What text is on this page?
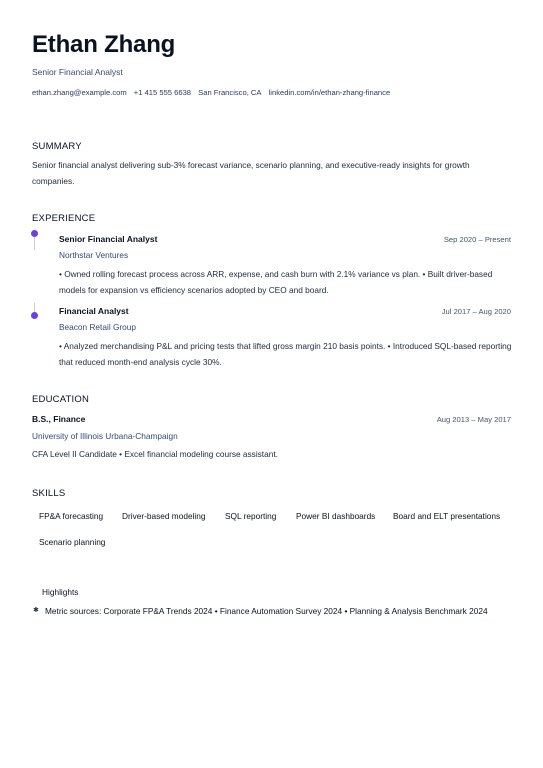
Ethan Zhang
Senior Financial Analyst
ethan.zhang@example.com +1 415 555 6638 San Francisco, CA linkedin.com/in/ethan-zhang-finance
SUMMARY
Senior financial analyst delivering sub-3% forecast variance, scenario planning, and executive-ready insights for growth companies.
EXPERIENCE
Senior Financial Analyst	Sep 2020 – Present
Northstar Ventures
• Owned rolling forecast process across ARR, expense, and cash burn with 2.1% variance vs plan. • Built driver-based models for expansion vs efficiency scenarios adopted by CEO and board.
Financial Analyst	Jul 2017 – Aug 2020
Beacon Retail Group
• Analyzed merchandising P&L and pricing tests that lifted gross margin 210 basis points. • Introduced SQL-based reporting that reduced month-end analysis cycle 30%.
EDUCATION
B.S., Finance	Aug 2013 – May 2017
University of Illinois Urbana-Champaign
CFA Level II Candidate • Excel financial modeling course assistant.
SKILLS
FP&A forecasting Driver-based modeling SQL reporting Power BI dashboards Board and ELT presentations
Scenario planning
Highlights
✱ Metric sources: Corporate FP&A Trends 2024 • Finance Automation Survey 2024 • Planning & Analysis Benchmark 2024
